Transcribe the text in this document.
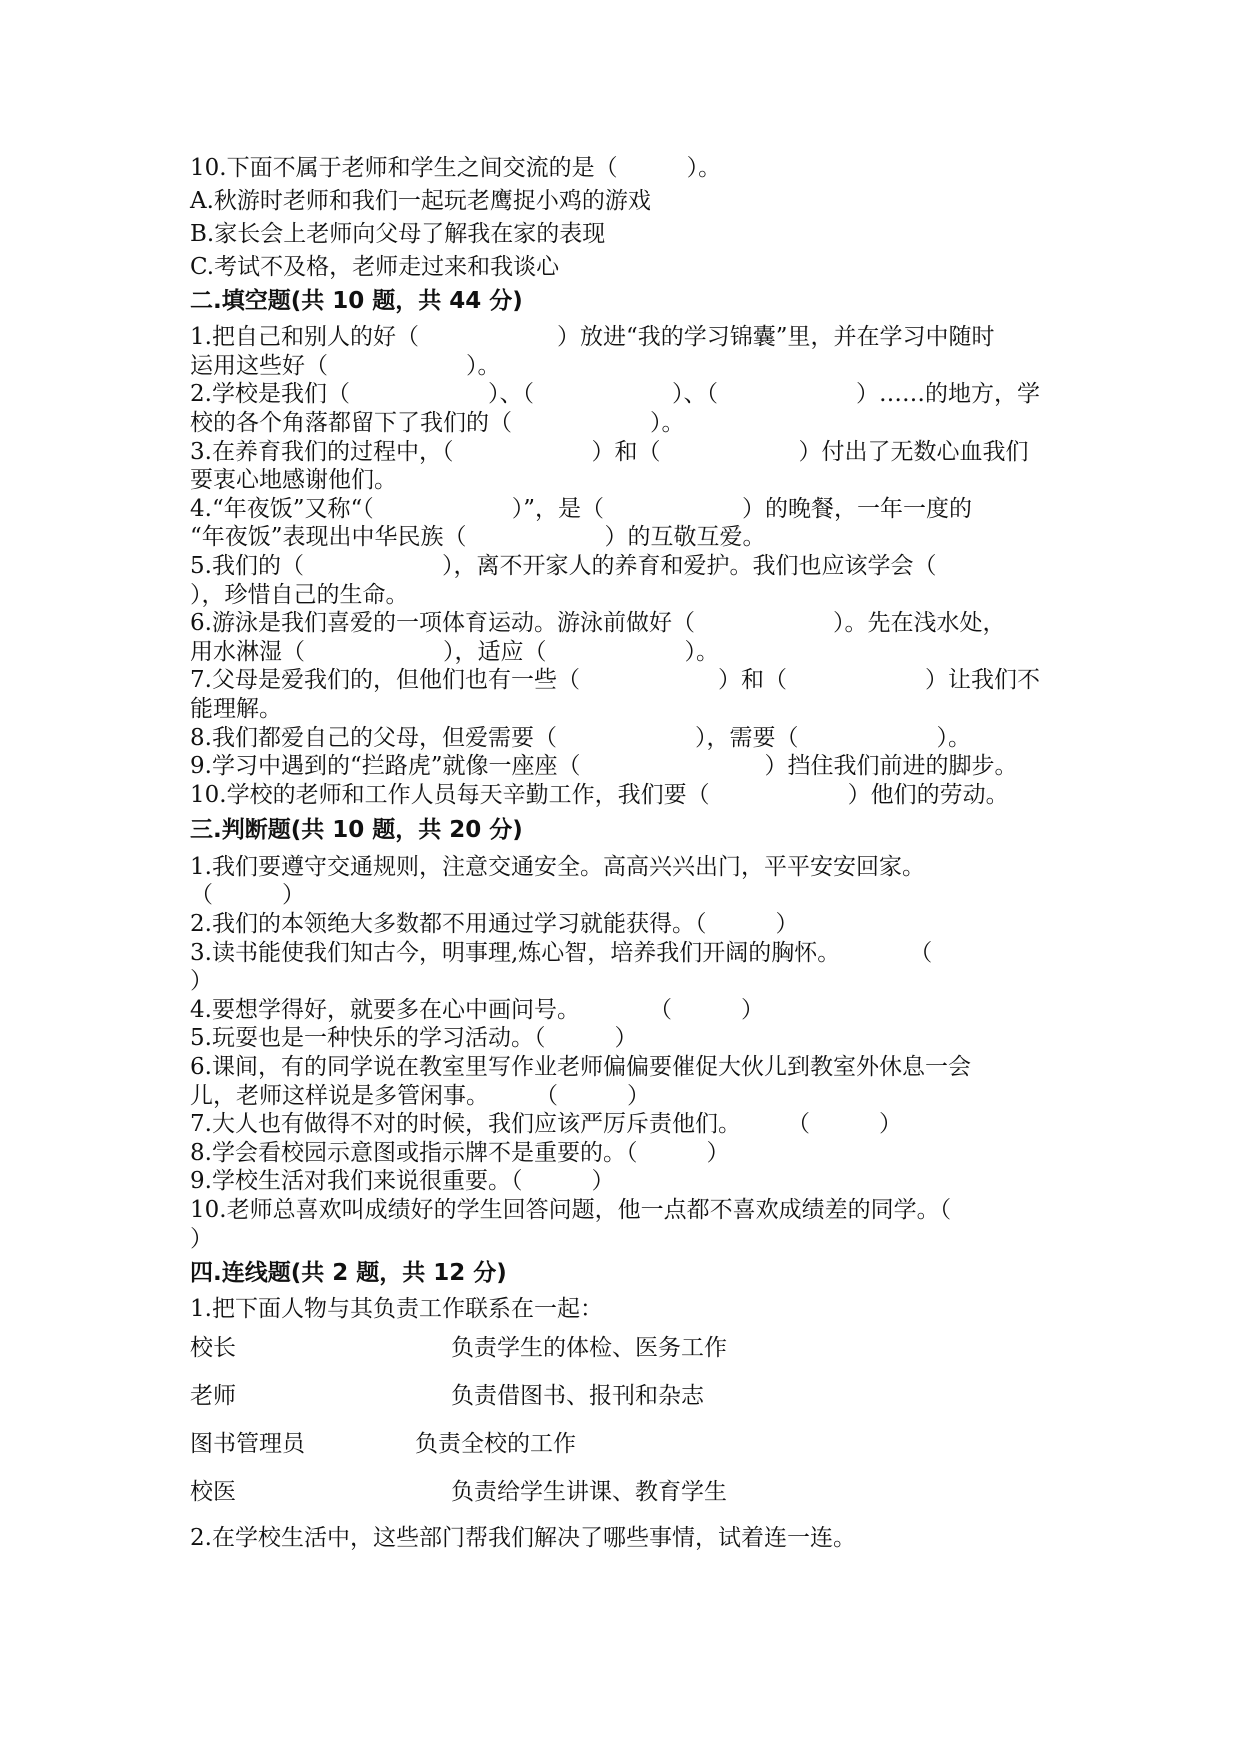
10.下面不属于老师和学生之间交流的是（　　　）。
A.秋游时老师和我们一起玩老鹰捉小鸡的游戏
B.家长会上老师向父母了解我在家的表现
C.考试不及格，老师走过来和我谈心
二.填空题(共 10 题，共 44 分)
1.把自己和别人的好（　　　　　　）放进“我的学习锦囊”里，并在学习中随时
运用这些好（　　　　　　）。
2.学校是我们（　　　　　　）、（　　　　　　）、（　　　　　　）……的地方，学
校的各个角落都留下了我们的（　　　　　　）。
3.在养育我们的过程中，（　　　　　　）和（　　　　　　）付出了无数心血我们
要衷心地感谢他们。
4.“年夜饭”又称“（　　　　　　）”，是（　　　　　　）的晚餐，一年一度的
“年夜饭”表现出中华民族（　　　　　　）的互敬互爱。
5.我们的（　　　　　　），离不开家人的养育和爱护。我们也应该学会（
），珍惜自己的生命。
6.游泳是我们喜爱的一项体育运动。游泳前做好（　　　　　　）。先在浅水处，
用水淋湿（　　　　　　），适应（　　　　　　）。
7.父母是爱我们的，但他们也有一些（　　　　　　）和（　　　　　　）让我们不
能理解。
8.我们都爱自己的父母，但爱需要（　　　　　　），需要（　　　　　　）。
9.学习中遇到的“拦路虎”就像一座座（　　　　　　　　）挡住我们前进的脚步。
10.学校的老师和工作人员每天辛勤工作，我们要（　　　　　　）他们的劳动。
三.判断题(共 10 题，共 20 分)
1.我们要遵守交通规则，注意交通安全。高高兴兴出门，平平安安回家。
（　　　）
2.我们的本领绝大多数都不用通过学习就能获得。（　　　）
3.读书能使我们知古今，明事理,炼心智，培养我们开阔的胸怀。　　　　（
）
4.要想学得好，就要多在心中画问号。　　　　（　　　）
5.玩耍也是一种快乐的学习活动。（　　　）
6.课间，有的同学说在教室里写作业老师偏偏要催促大伙儿到教室外休息一会
儿，老师这样说是多管闲事。　　　（　　　）
7.大人也有做得不对的时候，我们应该严厉斥责他们。　　　（　　　）
8.学会看校园示意图或指示牌不是重要的。（　　　）
9.学校生活对我们来说很重要。（　　　）
10.老师总喜欢叫成绩好的学生回答问题，他一点都不喜欢成绩差的同学。（
）
四.连线题(共 2 题，共 12 分)
1.把下面人物与其负责工作联系在一起：
校长	负责学生的体检、医务工作
老师	负责借图书、报刊和杂志
图书管理员	负责全校的工作
校医	负责给学生讲课、教育学生
2.在学校生活中，这些部门帮我们解决了哪些事情，试着连一连。
